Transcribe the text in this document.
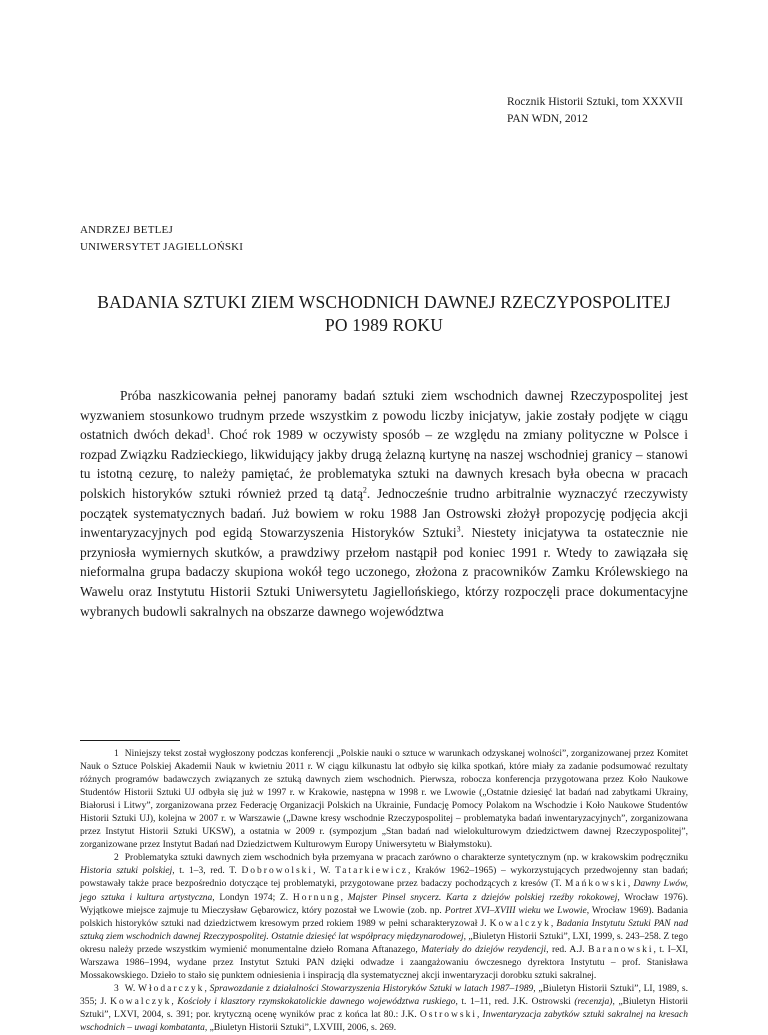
Rocznik Historii Sztuki, tom XXXVII
PAN WDN, 2012
ANDRZEJ BETLEJ
UNIWERSYTET JAGIELLOŃSKI
BADANIA SZTUKI ZIEM WSCHODNICH DAWNEJ RZECZYPOSPOLITEJ
PO 1989 ROKU

Próba naszkicowania pełnej panoramy badań sztuki ziem wschodnich dawnej Rzeczypospolitej jest wyzwaniem stosunkowo trudnym przede wszystkim z powodu liczby inicjatyw, jakie zostały podjęte w ciągu ostatnich dwóch dekad$^1$. Choć rok 1989 w oczywisty sposób – ze względu na zmiany polityczne w Polsce i rozpad Związku Radzieckiego, likwidujący jakby drugą żelazną kurtynę na naszej wschodniej granicy – stanowi tu istotną cezurę, to należy pamiętać, że problematyka sztuki na dawnych kresach była obecna w pracach polskich historyków sztuki również przed tą datą$^2$. Jednocześnie trudno arbitralnie wyznaczyć rzeczywisty początek systematycznych badań. Już bowiem w roku 1988 Jan Ostrowski złożył propozycję podjęcia akcji inwentaryzacyjnych pod egidą Stowarzyszenia Historyków Sztuki$^3$. Niestety inicjatywa ta ostatecznie nie przyniosła wymiernych skutków, a prawdziwy przełom nastąpił pod koniec 1991 r. Wtedy to zawiązała się nieformalna grupa badaczy skupiona wokół tego uczonego, złożona z pracowników Zamku Królewskiego na Wawelu oraz Instytutu Historii Sztuki Uniwersytetu Jagiellońskiego, którzy rozpoczęli prace dokumentacyjne wybranych budowli sakralnych na obszarze dawnego województwa

1 Niniejszy tekst został wygłoszony podczas konferencji „Polskie nauki o sztuce w warunkach odzyskanej wolności”, zorganizowanej przez Komitet Nauk o Sztuce Polskiej Akademii Nauk w kwietniu 2011 r. W ciągu kilkunastu lat odbyło się kilka spotkań, które miały za zadanie podsumować rezultaty różnych programów badawczych związanych ze sztuką dawnych ziem wschodnich. Pierwsza, robocza konferencja przygotowana przez Koło Naukowe Studentów Historii Sztuki UJ odbyła się już w 1997 r. w Krakowie, następna w 1998 r. we Lwowie („Ostatnie dziesięć lat badań nad zabytkami Ukrainy, Białorusi i Litwy”, zorganizowana przez Federację Organizacji Polskich na Ukrainie, Fundację Pomocy Polakom na Wschodzie i Koło Naukowe Studentów Historii Sztuki UJ), kolejna w 2007 r. w Warszawie („Dawne kresy wschodnie Rzeczypospolitej – problematyka badań inwentaryzacyjnych”, zorganizowana przez Instytut Historii Sztuki UKSW), a ostatnia w 2009 r. (sympozjum „Stan badań nad wielokulturowym dziedzictwem dawnej Rzeczypospolitej”, zorganizowane przez Instytut Badań nad Dziedzictwem Kulturowym Europy Uniwersytetu w Białymstoku).

2 Problematyka sztuki dawnych ziem wschodnich była przemyana w pracach zarówno o charakterze syntetycznym (np. w krakowskim podręczniku Historia sztuki polskiej, t. 1–3, red. T. Dobrowolski, W. Tatarkiewicz, Kraków 1962–1965) – wykorzystujących przedwojenny stan badań; powstawały także prace bezpośrednio dotyczące tej problematyki, przygotowane przez badaczy pochodzących z kresów (T. Mańkowski, Dawny Lwów, jego sztuka i kultura artystyczna, Londyn 1974; Z. Hornung, Majster Pinsel snycerz. Karta z dziejów polskiej rzeźby rokokowej, Wrocław 1976). Wyjątkowe miejsce zajmuje tu Mieczysław Gębarowicz, który pozostał we Lwowie (zob. np. Portret XVI–XVIII wieku we Lwowie, Wrocław 1969). Badania polskich historyków sztuki nad dziedzictwem kresowym przed rokiem 1989 w pełni scharakteryzował J. Kowalczyk, Badania Instytutu Sztuki PAN nad sztuką ziem wschodnich dawnej Rzeczypospolitej. Ostatnie dziesięć lat współpracy międzynarodowej, „Biuletyn Historii Sztuki”, LXI, 1999, s. 243–258. Z tego okresu należy przede wszystkim wymienić monumentalne dzieło Romana Aftanazego, Materiały do dziejów rezydencji, red. A.J. Baranowski, t. I–XI, Warszawa 1986–1994, wydane przez Instytut Sztuki PAN dzięki odwadze i zaangażowaniu ówczesnego dyrektora Instytutu – prof. Stanisława Mossakowskiego. Dzieło to stało się punktem odniesienia i inspiracją dla systematycznej akcji inwentaryzacji dorobku sztuki sakralnej.

3 W. Włodarczyk, Sprawozdanie z działalności Stowarzyszenia Historyków Sztuki w latach 1987–1989, „Biuletyn Historii Sztuki”, LI, 1989, s. 355; J. Kowalczyk, Kościoły i klasztory rzymskokatolickie dawnego województwa ruskiego, t. 1–11, red. J.K. Ostrowski (recenzja), „Biuletyn Historii Sztuki”, LXVI, 2004, s. 391; por. krytyczną ocenę wyników prac z końca lat 80.: J.K. Ostrowski, Inwentaryzacja zabytków sztuki sakralnej na kresach wschodnich – uwagi kombatanta, „Biuletyn Historii Sztuki”, LXVIII, 2006, s. 269.
